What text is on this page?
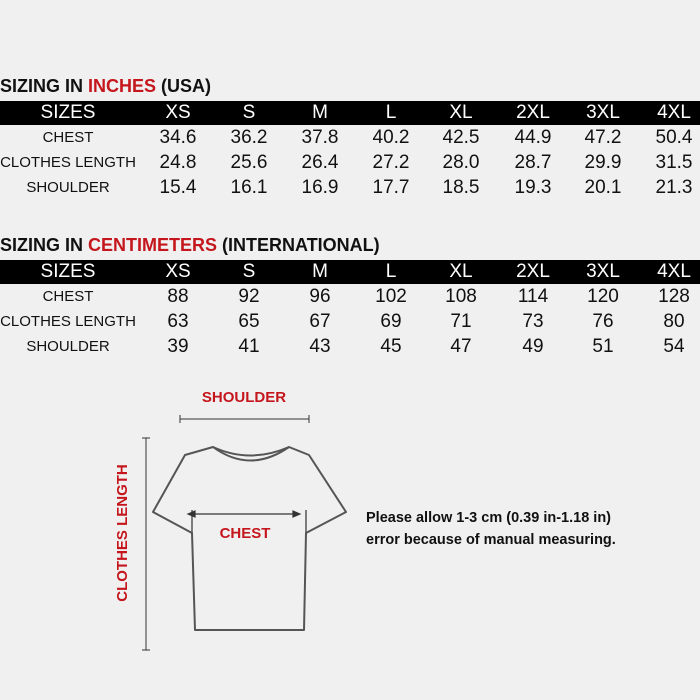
SIZING IN INCHES (USA)
SIZES	XS	S	M	L	XL	2XL	3XL	4XL
CHEST	34.6	36.2	37.8	40.2	42.5	44.9	47.2	50.4
CLOTHES LENGTH	24.8	25.6	26.4	27.2	28.0	28.7	29.9	31.5
SHOULDER	15.4	16.1	16.9	17.7	18.5	19.3	20.1	21.3
SIZING IN CENTIMETERS (INTERNATIONAL)
SIZES	XS	S	M	L	XL	2XL	3XL	4XL
CHEST	88	92	96	102	108	114	120	128
CLOTHES LENGTH	63	65	67	69	71	73	76	80
SHOULDER	39	41	43	45	47	49	51	54
SHOULDER
CHEST
CLOTHES LENGTH	Please allow 1-3 cm (0.39 in-1.18 in)
error because of manual measuring.
